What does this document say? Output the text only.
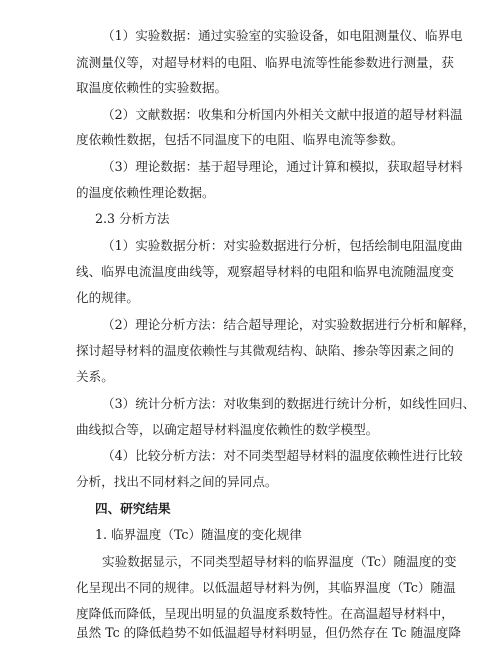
（1）实验数据：通过实验室的实验设备，如电阻测量仪、临界电
流测量仪等，对超导材料的电阻、临界电流等性能参数进行测量，获
取温度依赖性的实验数据。
（2）文献数据：收集和分析国内外相关文献中报道的超导材料温
度依赖性数据，包括不同温度下的电阻、临界电流等参数。
（3）理论数据：基于超导理论，通过计算和模拟，获取超导材料
的温度依赖性理论数据。
2.3 分析方法
（1）实验数据分析：对实验数据进行分析，包括绘制电阻温度曲
线、临界电流温度曲线等，观察超导材料的电阻和临界电流随温度变
化的规律。
（2）理论分析方法：结合超导理论，对实验数据进行分析和解释，
探讨超导材料的温度依赖性与其微观结构、缺陷、掺杂等因素之间的
关系。
（3）统计分析方法：对收集到的数据进行统计分析，如线性回归、
曲线拟合等，以确定超导材料温度依赖性的数学模型。
（4）比较分析方法：对不同类型超导材料的温度依赖性进行比较
分析，找出不同材料之间的异同点。
四、研究结果
1. 临界温度（Tc）随温度的变化规律
实验数据显示，不同类型超导材料的临界温度（Tc）随温度的变
化呈现出不同的规律。以低温超导材料为例，其临界温度（Tc）随温
度降低而降低，呈现出明显的负温度系数特性。在高温超导材料中，
虽然 Tc 的降低趋势不如低温超导材料明显，但仍然存在 Tc 随温度降
